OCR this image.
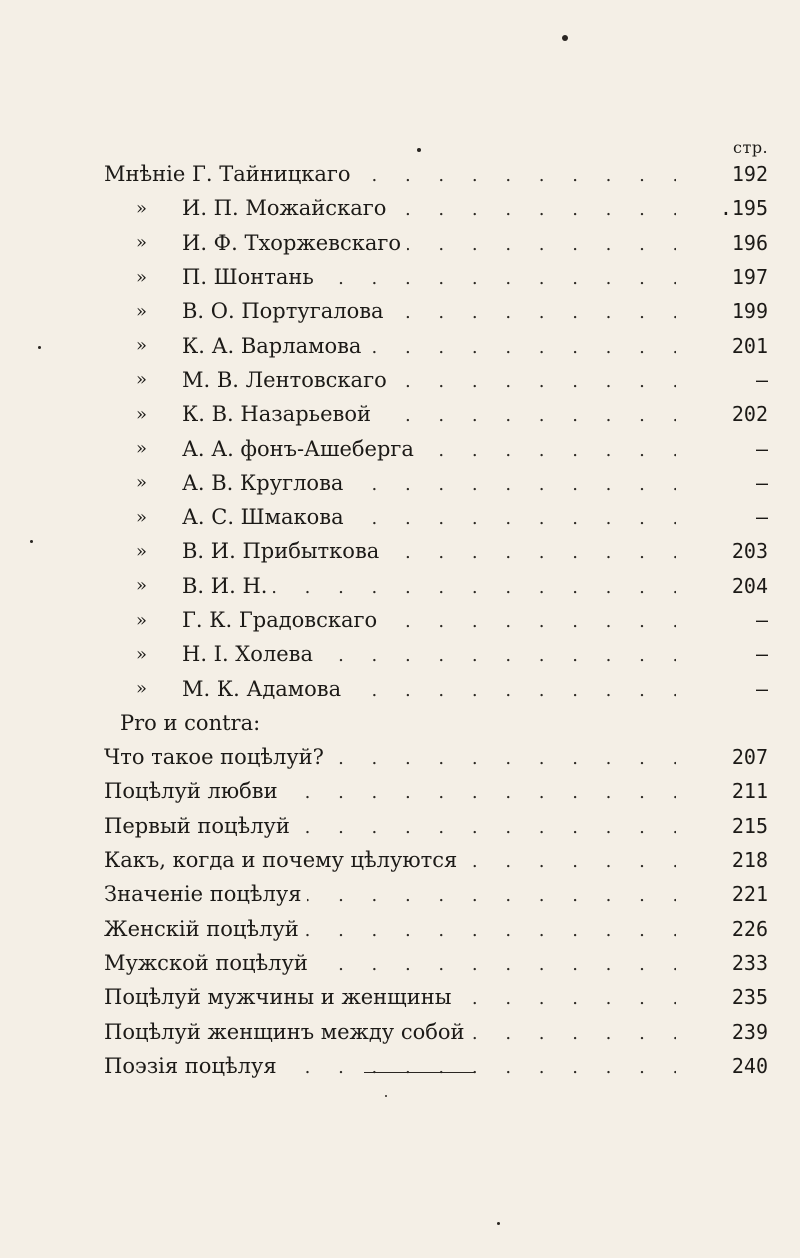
стр.
Мнѣніе Г. Тайницкаго . . .	192
»	И. П. Можайскаго . . .	.195
»	И. Ф. Тхоржевскаго . . .	196
»	П. Шонтань . . .	197
»	В. О. Португалова . . .	199
»	К. А. Варламова . . .	201
»	М. В. Лентовскаго . . .	—
»	К. В. Назарьевой . . .	202
»	А. А. фонъ-Ашеберга . . .	—
»	А. В. Круглова . . .	—
»	А. С. Шмакова . . .	—
»	В. И. Прибыткова . . .	203
»	В. И. Н. . . .	204
»	Г. К. Градовскаго . . .	—
»	Н. І. Холева . . .	—
»	М. К. Адамова . . .	—
Pro и contra:
Что такое поцѣлуй? . . .	207
Поцѣлуй любви . . .	211
Первый поцѣлуй . . .	215
Какъ, когда и почему цѣлуются . . .	218
Значеніе поцѣлуя . . .	221
Женскій поцѣлуй . . .	226
Мужской поцѣлуй . . .	233
Поцѣлуй мужчины и женщины . . .	235
Поцѣлуй женщинъ между собой . . .	239
Поэзія поцѣлуя . . .	240
